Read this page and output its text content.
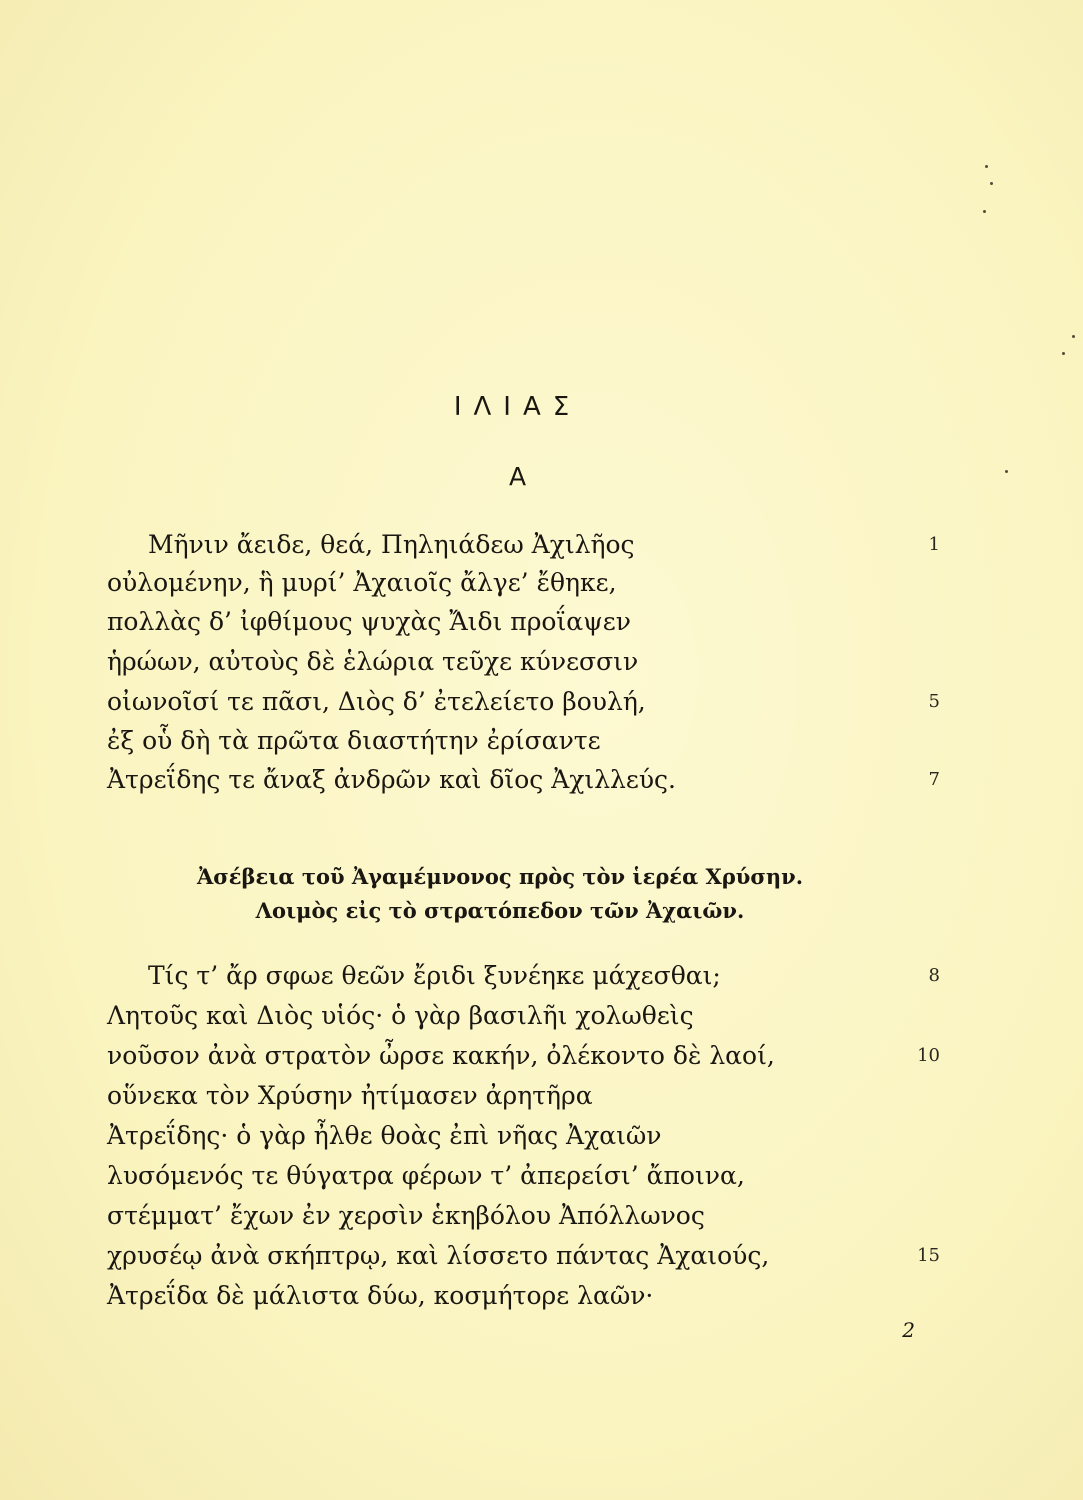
ΙΛΙΑΣ
Α
Μῆνιν ἄειδε, θεά, Πηληιάδεω Ἀχιλῆος	1
οὐλομένην, ἣ μυρί’ Ἀχαιοῖς ἄλγε’ ἔθηκε,
πολλὰς δ’ ἰφθίμους ψυχὰς Ἄιδι προΐαψεν
ἡρώων, αὐτοὺς δὲ ἑλώρια τεῦχε κύνεσσιν
οἰωνοῖσί τε πᾶσι, Διὸς δ’ ἐτελείετο βουλή,	5
ἐξ οὗ δὴ τὰ πρῶτα διαστήτην ἐρίσαντε
Ἀτρεΐδης τε ἄναξ ἀνδρῶν καὶ δῖος Ἀχιλλεύς.	7
Ἀσέβεια τοῦ Ἀγαμέμνονος πρὸς τὸν ἱερέα Χρύσην.
Λοιμὸς εἰς τὸ στρατόπεδον τῶν Ἀχαιῶν.
Τίς τ’ ἄρ σφωε θεῶν ἔριδι ξυνέηκε μάχεσθαι;	8
Λητοῦς καὶ Διὸς υἱός· ὁ γὰρ βασιλῆι χολωθεὶς
νοῦσον ἀνὰ στρατὸν ὦρσε κακήν, ὀλέκοντο δὲ λαοί,	10
οὕνεκα τὸν Χρύσην ἠτίμασεν ἀρητῆρα
Ἀτρεΐδης· ὁ γὰρ ἦλθε θοὰς ἐπὶ νῆας Ἀχαιῶν
λυσόμενός τε θύγατρα φέρων τ’ ἀπερείσι’ ἄποινα,
στέμματ’ ἔχων ἐν χερσὶν ἑκηβόλου Ἀπόλλωνος
χρυσέῳ ἀνὰ σκήπτρῳ, καὶ λίσσετο πάντας Ἀχαιούς,	15
Ἀτρεΐδα δὲ μάλιστα δύω, κοσμήτορε λαῶν·
2
